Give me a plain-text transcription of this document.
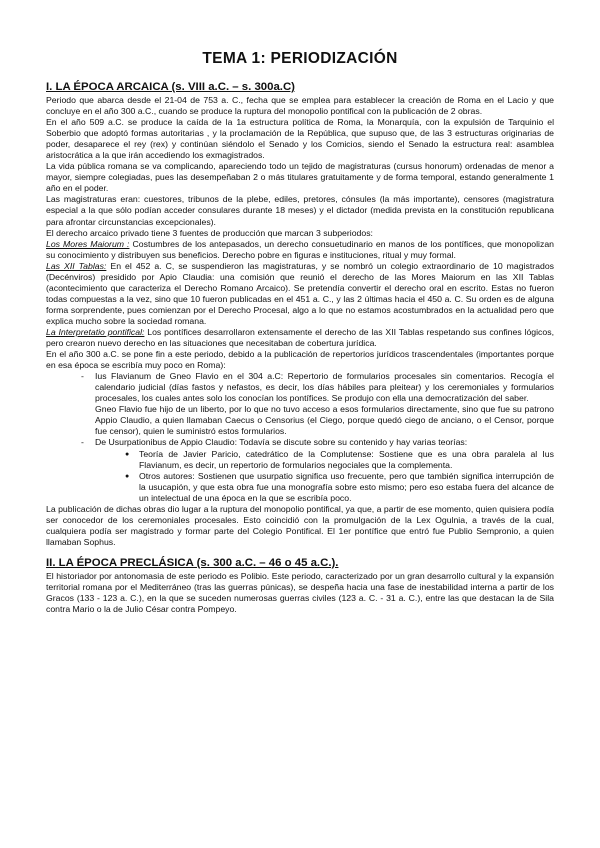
TEMA 1: PERIODIZACIÓN
I. LA ÉPOCA ARCAICA (s. VIII a.C. – s. 300a.C)

Periodo que abarca desde el 21-04 de 753 a. C., fecha que se emplea para establecer la creación de Roma en el Lacio y que concluye en el año 300 a.C., cuando se produce la ruptura del monopolio pontifical con la publicación de 2 obras.

En el año 509 a.C. se produce la caída de la 1a estructura política de Roma, la Monarquía, con la expulsión de Tarquinio el Soberbio que adoptó formas autoritarias , y la proclamación de la República, que supuso que, de las 3 estructuras originarias de poder, desaparece el rey (rex) y continúan siéndolo el Senado y los Comicios, siendo el Senado la estructura real: asamblea aristocrática a la que irán accediendo los exmagistrados.

La vida pública romana se va complicando, apareciendo todo un tejido de magistraturas (cursus honorum) ordenadas de menor a mayor, siempre colegiadas, pues las desempeñaban 2 o más titulares gratuitamente y de forma temporal, estando generalmente 1 año en el poder.

Las magistraturas eran: cuestores, tribunos de la plebe, ediles, pretores, cónsules (la más importante), censores (magistratura especial a la que sólo podían acceder consulares durante 18 meses) y el dictador (medida prevista en la constitución republicana para afrontar circunstancias excepcionales).

El derecho arcaico privado tiene 3 fuentes de producción que marcan 3 subperiodos:

Los Mores Maiorum : Costumbres de los antepasados, un derecho consuetudinario en manos de los pontífices, que monopolizan su conocimiento y distribuyen sus beneficios. Derecho pobre en figuras e instituciones, ritual y muy formal.

Las XII Tablas: En el 452 a. C, se suspendieron las magistraturas, y se nombró un colegio extraordinario de 10 magistrados (Decénviros) presidido por Apio Claudia: una comisión que reunió el derecho de las Mores Maiorum en las XII Tablas (acontecimiento que caracteriza el Derecho Romano Arcaico). Se pretendía convertir el derecho oral en escrito. Estas no fueron todas compuestas a la vez, sino que 10 fueron publicadas en el 451 a. C., y las 2 últimas hacia el 450 a. C. Su orden es de alguna forma sorprendente, pues comienzan por el Derecho Procesal, algo a lo que no estamos acostumbrados en la actualidad pero que explica mucho sobre la sociedad romana.

La Interpretatio pontifical: Los pontífices desarrollaron extensamente el derecho de las XII Tablas respetando sus confines lógicos, pero crearon nuevo derecho en las situaciones que necesitaban de cobertura jurídica.

En el año 300 a.C. se pone fin a este periodo, debido a la publicación de repertorios jurídicos trascendentales (importantes porque en esa época se escribía muy poco en Roma):

- Ius Flavianum de Gneo Flavio en el 304 a.C: Repertorio de formularios procesales sin comentarios. Recogía el calendario judicial (días fastos y nefastos, es decir, los días hábiles para pleitear) y los ceremoniales y formularios procesales, los cuales antes solo los conocían los pontífices. Se produjo con ella una democratización del saber.
Gneo Flavio fue hijo de un liberto, por lo que no tuvo acceso a esos formularios directamente, sino que fue su patrono Appio Claudio, a quien llamaban Caecus o Censorius (el Ciego, porque quedó ciego de anciano, o el Censor, porque fue censor), quien le suministró estos formularios.
- De Usurpationibus de Appio Claudio: Todavía se discute sobre su contenido y hay varias teorías:
● Teoría de Javier Paricio, catedrático de la Complutense: Sostiene que es una obra paralela al Ius Flavianum, es decir, un repertorio de formularios negociales que la complementa.
● Otros autores: Sostienen que usurpatio significa uso frecuente, pero que también significa interrupción de la usucapión, y que esta obra fue una monografía sobre esto mismo; pero eso estaba fuera del alcance de un intelectual de una época en la que se escribía poco.

La publicación de dichas obras dio lugar a la ruptura del monopolio pontifical, ya que, a partir de ese momento, quien quisiera podía ser conocedor de los ceremoniales procesales. Esto coincidió con la promulgación de la Lex Ogulnia, a través de la cual, cualquiera podía ser magistrado y formar parte del Colegio Pontifical. El 1er pontífice que entró fue Publio Sempronio, a quien llamaban Sophus.

II. LA ÉPOCA PRECLÁSICA (s. 300 a.C. – 46 o 45 a.C.).

El historiador por antonomasia de este periodo es Polibio. Este periodo, caracterizado por un gran desarrollo cultural y la expansión territorial romana por el Mediterráneo (tras las guerras púnicas), se despeña hacia una fase de inestabilidad interna a partir de los Gracos (133 - 123 a. C.), en la que se suceden numerosas guerras civiles (123 a. C. - 31 a. C.), entre las que destacan la de Sila contra Mario o la de Julio César contra Pompeyo.
